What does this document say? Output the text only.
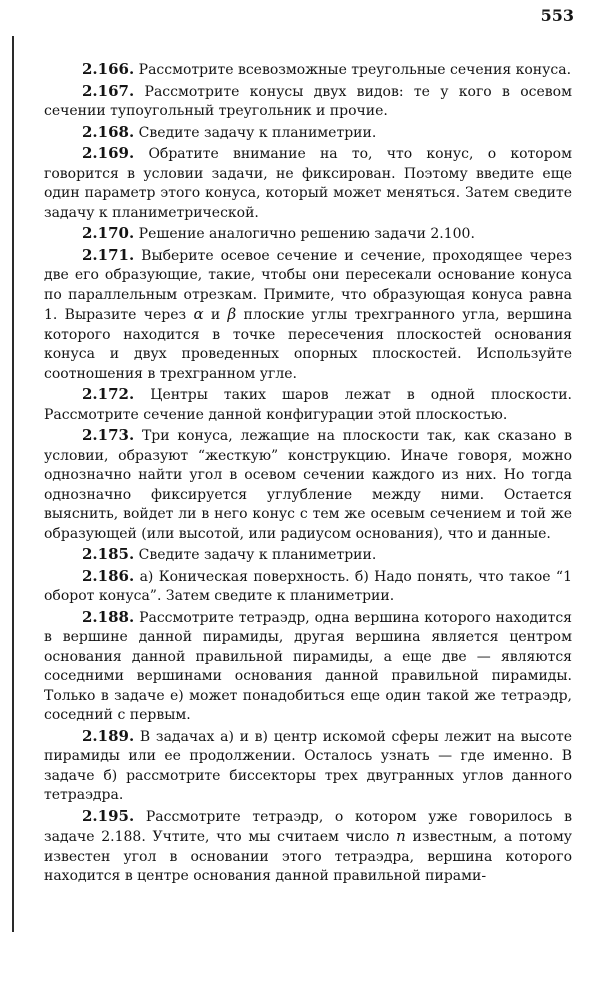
553

2.166. Рассмотрите всевозможные треугольные сечения конуса.

2.167. Рассмотрите конусы двух видов: те у кого в осевом сечении тупоугольный треугольник и прочие.

2.168. Сведите задачу к планиметрии.

2.169. Обратите внимание на то, что конус, о котором говорится в условии задачи, не фиксирован. Поэтому введите еще один параметр этого конуса, который может меняться. Затем сведите задачу к планиметрической.

2.170. Решение аналогично решению задачи 2.100.

2.171. Выберите осевое сечение и сечение, проходящее через две его образующие, такие, чтобы они пересекали основание конуса по параллельным отрезкам. Примите, что образующая конуса равна 1. Выразите через α и β плоские углы трехгранного угла, вершина которого находится в точке пересечения плоскостей основания конуса и двух проведенных опорных плоскостей. Используйте соотношения в трехгранном угле.

2.172. Центры таких шаров лежат в одной плоскости. Рассмотрите сечение данной конфигурации этой плоскостью.

2.173. Три конуса, лежащие на плоскости так, как сказано в условии, образуют “жесткую” конструкцию. Иначе говоря, можно однозначно найти угол в осевом сечении каждого из них. Но тогда однозначно фиксируется углубление между ними. Остается выяснить, войдет ли в него конус с тем же осевым сечением и той же образующей (или высотой, или радиусом основания), что и данные.

2.185. Сведите задачу к планиметрии.

2.186. а) Коническая поверхность. б) Надо понять, что такое “1 оборот конуса”. Затем сведите к планиметрии.

2.188. Рассмотрите тетраэдр, одна вершина которого находится в вершине данной пирамиды, другая вершина является центром основания данной правильной пирамиды, а еще две — являются соседними вершинами основания данной правильной пирамиды. Только в задаче е) может понадобиться еще один такой же тетраэдр, соседний с первым.

2.189. В задачах а) и в) центр искомой сферы лежит на высоте пирамиды или ее продолжении. Осталось узнать — где именно. В задаче б) рассмотрите биссекторы трех двугранных углов данного тетраэдра.

2.195. Рассмотрите тетраэдр, о котором уже говорилось в задаче 2.188. Учтите, что мы считаем число n известным, а потому известен угол в основании этого тетраэдра, вершина которого находится в центре основания данной правильной пирами-
